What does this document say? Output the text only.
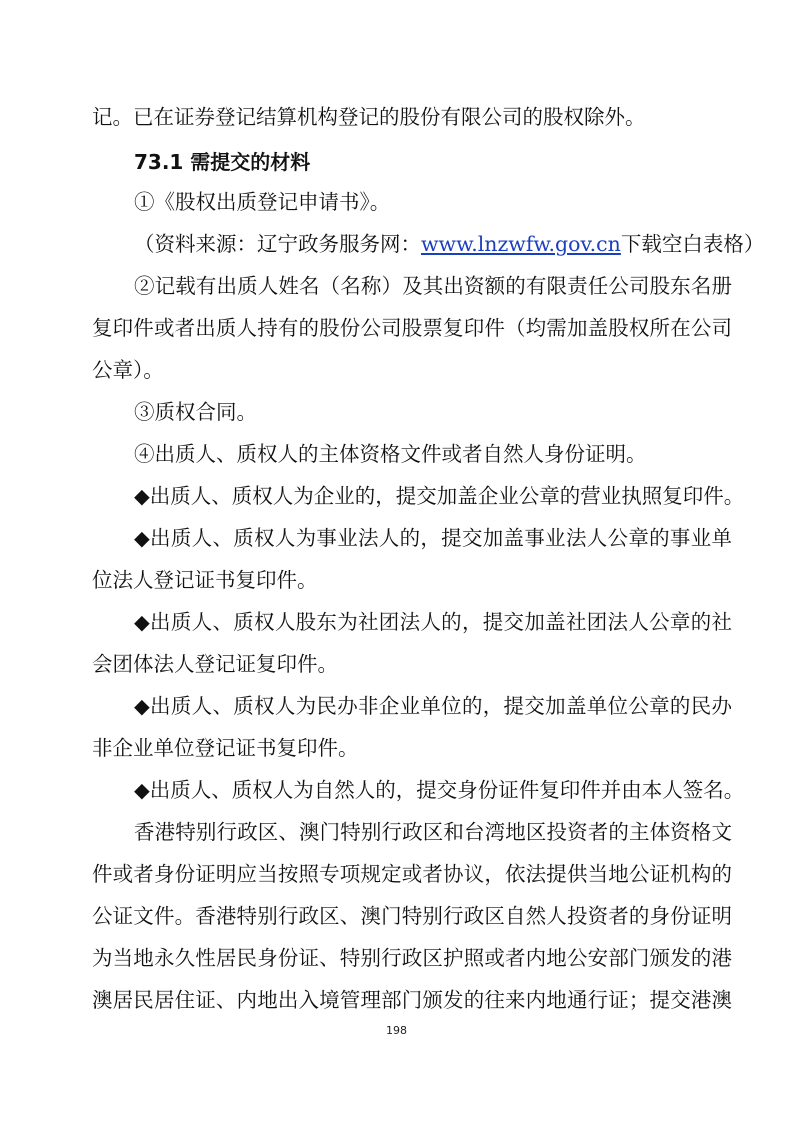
记。已在证券登记结算机构登记的股份有限公司的股权除外。
73.1 需提交的材料
①《股权出质登记申请书》。
（资料来源：辽宁政务服务网：www.lnzwfw.gov.cn下载空白表格）
②记载有出质人姓名（名称）及其出资额的有限责任公司股东名册
复印件或者出质人持有的股份公司股票复印件（均需加盖股权所在公司
公章）。
③质权合同。
④出质人、质权人的主体资格文件或者自然人身份证明。
◆出质人、质权人为企业的，提交加盖企业公章的营业执照复印件。
◆出质人、质权人为事业法人的，提交加盖事业法人公章的事业单
位法人登记证书复印件。
◆出质人、质权人股东为社团法人的，提交加盖社团法人公章的社
会团体法人登记证复印件。
◆出质人、质权人为民办非企业单位的，提交加盖单位公章的民办
非企业单位登记证书复印件。
◆出质人、质权人为自然人的，提交身份证件复印件并由本人签名。
香港特别行政区、澳门特别行政区和台湾地区投资者的主体资格文
件或者身份证明应当按照专项规定或者协议，依法提供当地公证机构的
公证文件。香港特别行政区、澳门特别行政区自然人投资者的身份证明
为当地永久性居民身份证、特别行政区护照或者内地公安部门颁发的港
澳居民居住证、内地出入境管理部门颁发的往来内地通行证；提交港澳
198
